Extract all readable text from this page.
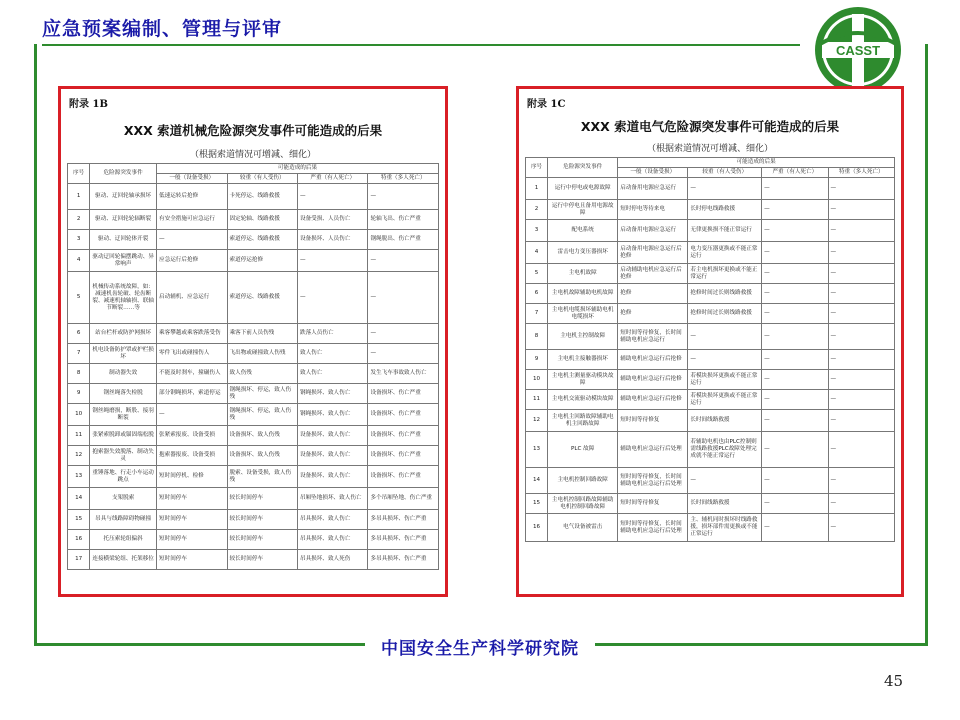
应急预案编制、管理与评审
CASST
附录 1B
XXX 索道机械危险源突发事件可能造成的后果
（根据索道情况可增减、细化）
序号	危险源突发事件	可能造成的后果			
		一般（设备受损）	较重（有人受伤）	严重（有人死亡）	特重（多人死亡）
1	驱动、迂回轮轴承损坏	低速运转后抢修	卡死停运、线路救援	—	—
2	驱动、迂回轮轮辐断裂	有安全措施可应急运行	固定轮轴、线路救援	设备受损、人员伤亡	轮轴飞出、伤亡严重
3	驱动、迂回轮体开裂	—	索道停运、线路救援	设备损坏、人员伤亡	钢绳脱出、伤亡严重
4	驱动迂回轮偏摆跳动、异常响声	应急运行后抢修	索道停运抢修	—	—
5	机械传动系统故障，如：减速机齿轮破、轮齿断裂、减速机轴轴损、联轴节断裂……等	启动辅机、应急运行	索道停运、线路救援	—	—
6	站台栏杆或防护网损坏	乘客攀越或乘客跌落受伤	乘客下前人员伤残	跌落人员伤亡	—
7	机电设备防护罩或护栏损坏	零件飞出或碰撞伤人	飞出物或碰撞致人伤残	致人伤亡	—
8	制动器失效	不能及时刹车，撞碾伤人	致人伤残	致人伤亡	发生飞车事故致人伤亡
9	钢丝绳落失检脱	部分钢绳损坏，索道停运	钢绳损坏、停运，致人伤残	钢绳损坏、致人伤亡	设备损坏、伤亡严重
10	钢丝绳磨损，断股、接羽断裂	—	钢绳损坏、停运，致人伤残	钢绳损坏、致人伤亡	设备损坏、伤亡严重
11	张紧索脱卸或锚固端松脱	张紧索报废、设备受损	设备损坏、致人伤残	设备损坏、致人伤亡	设备损坏、伤亡严重
12	抱索器失效脱落、制动失灵	抱索器报废、设备受损	设备损坏、致人伤残	设备损坏、致人伤亡	设备损坏、伤亡严重
13	重锤落地、行走小车运动跳点	短时间停机、检修	脱索、设备受损，致人伤残	设备损坏、致人伤亡	设备损坏、伤亡严重
14	支架脱索	短时间停车	较长时间停车	吊厢坠地损坏、致人伤亡	多个吊厢坠地、伤亡严重
15	吊具与线路障碍物碰撞	短时间停车	较长时间停车	吊具损坏、致人伤亡	多吊具损坏、伤亡严重
16	托压索轮组偏斜	短时间停车	较长时间停车	吊具损坏、致人伤亡	多吊具损坏、伤亡严重
17	连接横梁轮组、托架移位	短时间停车	较长时间停车	吊具损坏、致人死伤	多吊具损坏、伤亡严重
附录 1C
XXX 索道电气危险源突发事件可能造成的后果
（根据索道情况可增减、细化）
序号	危险源突发事件	可能造成的后果			
		一般（设备受损）	较重（有人受伤）	严重（有人死亡）	特重（多人死亡）
1	运行中停电或电源故障	启动备用电源应急运行	—	—	—
2	运行中停电且备用电源故障	短时停电等待来电	长时停电线路救援	—	—
3	配电系统	启动备用电源应急运行	无律更换损不能正常运行	—	—
4	雷击电力变压器损坏	启动备用电源应急运行后抢修	电力变压器更换或不能正常运行	—	—
5	主电机故障	启动辅助电机应急运行后抢修	若主电机损坏更换或不能正常运行	—	—
6	主电机故障辅助电机故障	抢修	抢修时间过长则线路救援	—	—
7	主电机电缆损坏辅助电机电缆损坏	抢修	抢修时间过长则线路救援	—	—
8	主电机主控制故障	短时间等待修复，长时间辅助电机应急运行	—	—	—
9	主电机主接触器损坏	辅助电机应急运行后抢修	—	—	—
10	主电机主测量驱动模块故障	辅助电机应急运行后抢修	若模块损坏更换或不能正常运行	—	—
11	主电机交流驱动模块故障	辅助电机应急运行后抢修	若模块损坏更换或不能正常运行	—	—
12	主电机主回路故障辅助电机主回路故障	短时间等待修复	长时间线路救援	—	—
13	PLC 故障	辅助电机应急运行后处理	若辅助电机也由PLC控制则需线路救援PLC故障处理完成就不能正常运行	—	—
14	主电机控制回路故障	短时间等待修复，长时间辅助电机应急运行后处理	—	—	—
15	主电机控制回路故障辅助电机控制回路故障	短时间等待修复	长时间线路救援	—	—
16	电气设备被雷击	短时间等待修复，长时间辅助电机应急运行后处理	主、辅机同时损坏时线路救援，损坏部件需更换或不能正常运行	—	—
中国安全生产科学研究院
45
